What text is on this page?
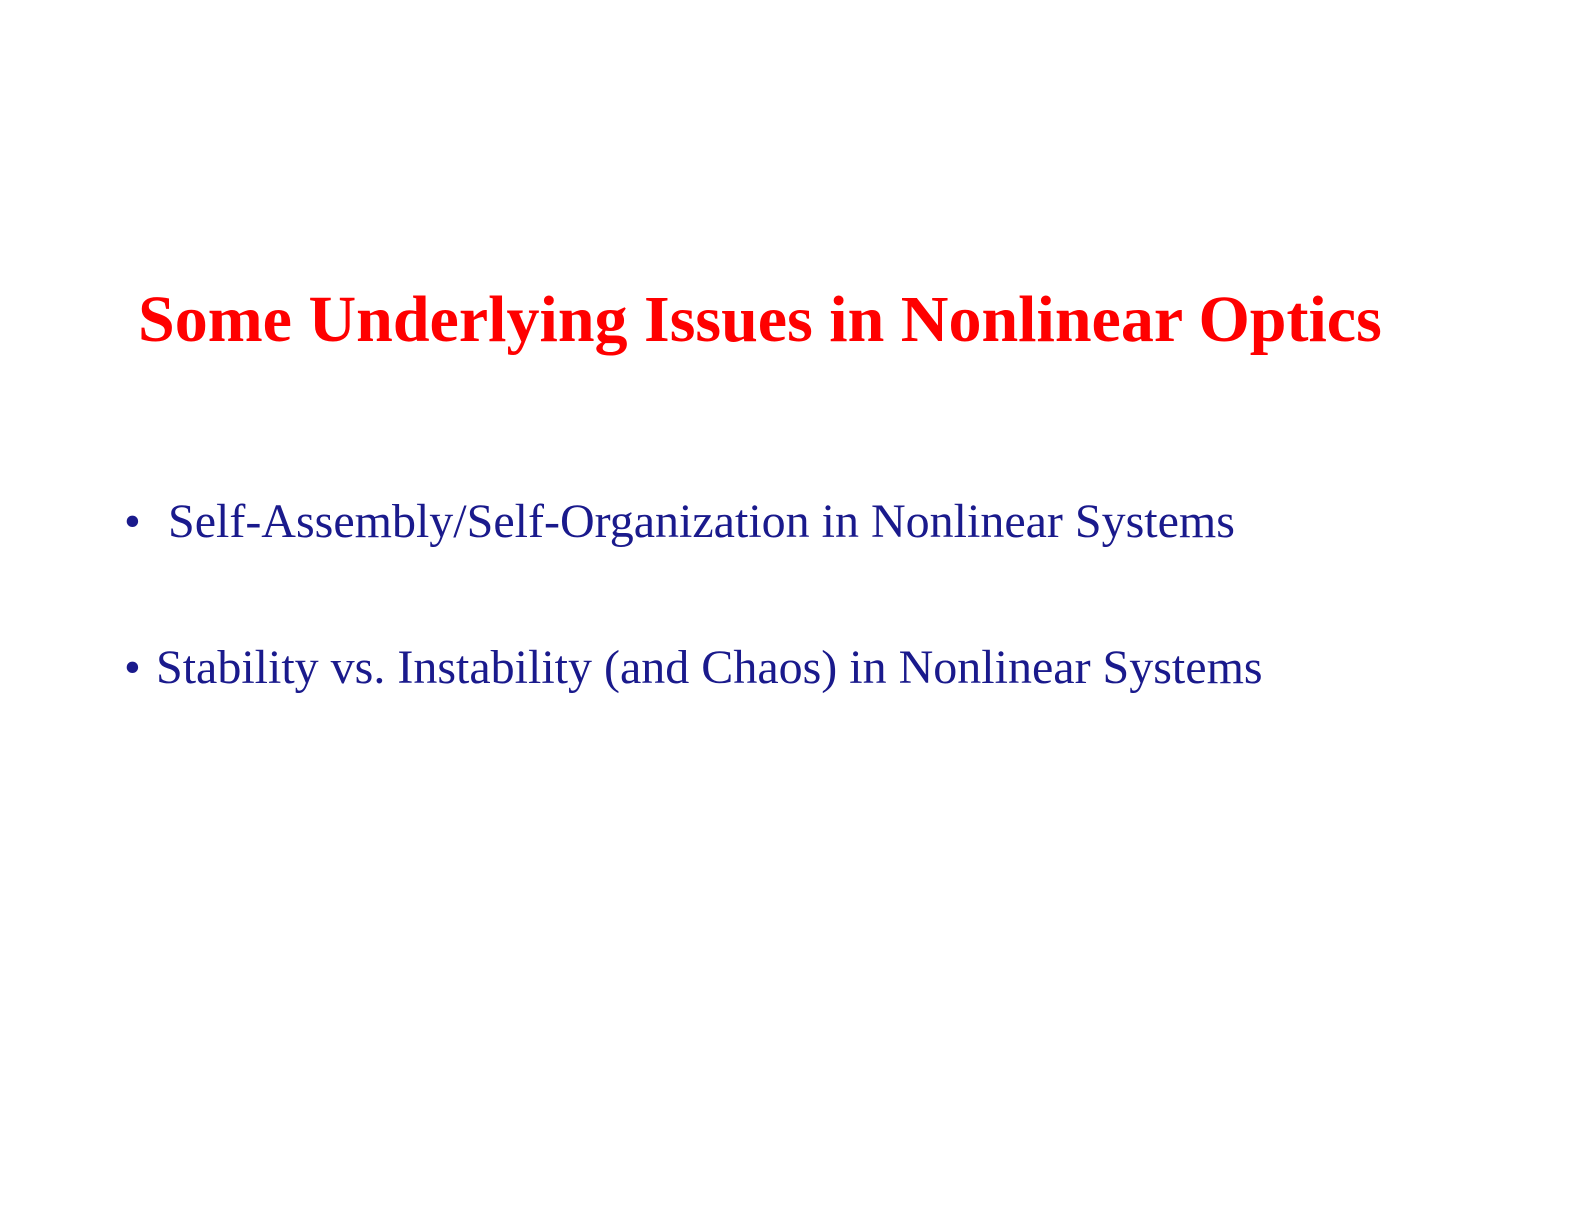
Some Underlying Issues in Nonlinear Optics
• Self-Assembly/Self-Organization in Nonlinear Systems
• Stability vs. Instability (and Chaos) in Nonlinear Systems
